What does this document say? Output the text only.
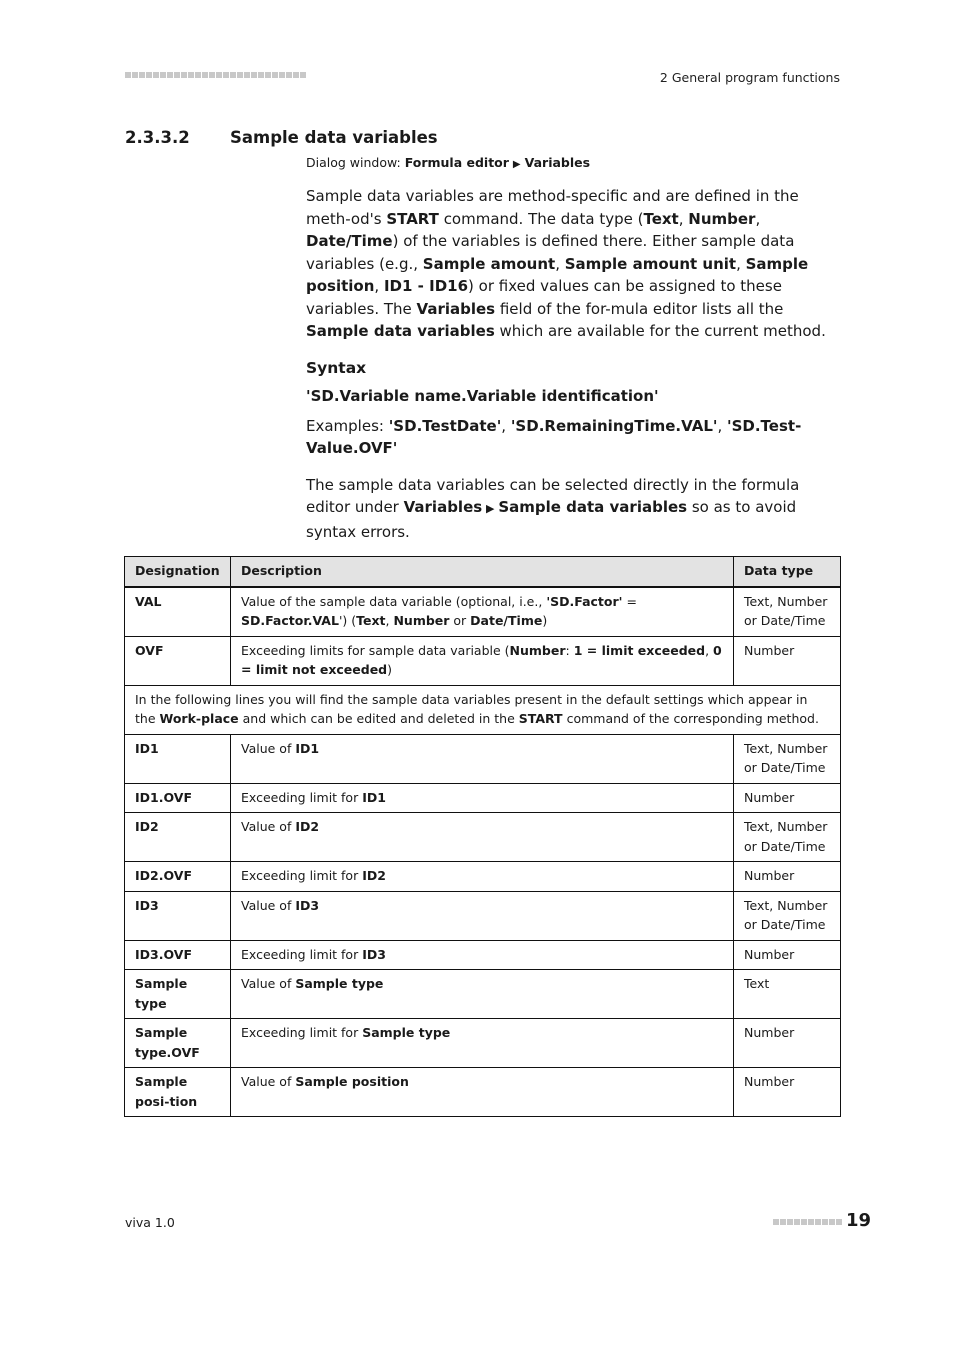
2 General program functions
2.3.3.2 Sample data variables

Dialog window: Formula editor ▶ Variables

Sample data variables are method-specific and are defined in the meth-od's START command. The data type (Text, Number, Date/Time) of the variables is defined there. Either sample data variables (e.g., Sample amount, Sample amount unit, Sample position, ID1 - ID16) or fixed values can be assigned to these variables. The Variables field of the for-mula editor lists all the Sample data variables which are available for the current method.

Syntax

'SD.Variable name.Variable identification'

Examples: 'SD.TestDate', 'SD.RemainingTime.VAL', 'SD.Test-Value.OVF'

The sample data variables can be selected directly in the formula editor under Variables ▶ Sample data variables so as to avoid syntax errors.

Designation	Description	Data type
VAL	Value of the sample data variable (optional, i.e., 'SD.Factor' = SD.Factor.VAL') (Text, Number or Date/Time)	Text, Number or Date/Time
OVF	Exceeding limits for sample data variable (Number: 1 = limit exceeded, 0 = limit not exceeded)	Number
In the following lines you will find the sample data variables present in the default settings which appear in the Work-place and which can be edited and deleted in the START command of the corresponding method.		
ID1	Value of ID1	Text, Number or Date/Time
ID1.OVF	Exceeding limit for ID1	Number
ID2	Value of ID2	Text, Number or Date/Time
ID2.OVF	Exceeding limit for ID2	Number
ID3	Value of ID3	Text, Number or Date/Time
ID3.OVF	Exceeding limit for ID3	Number
Sample type	Value of Sample type	Text
Sample type.OVF	Exceeding limit for Sample type	Number
Sample posi-tion	Value of Sample position	Number
viva 1.0	19
